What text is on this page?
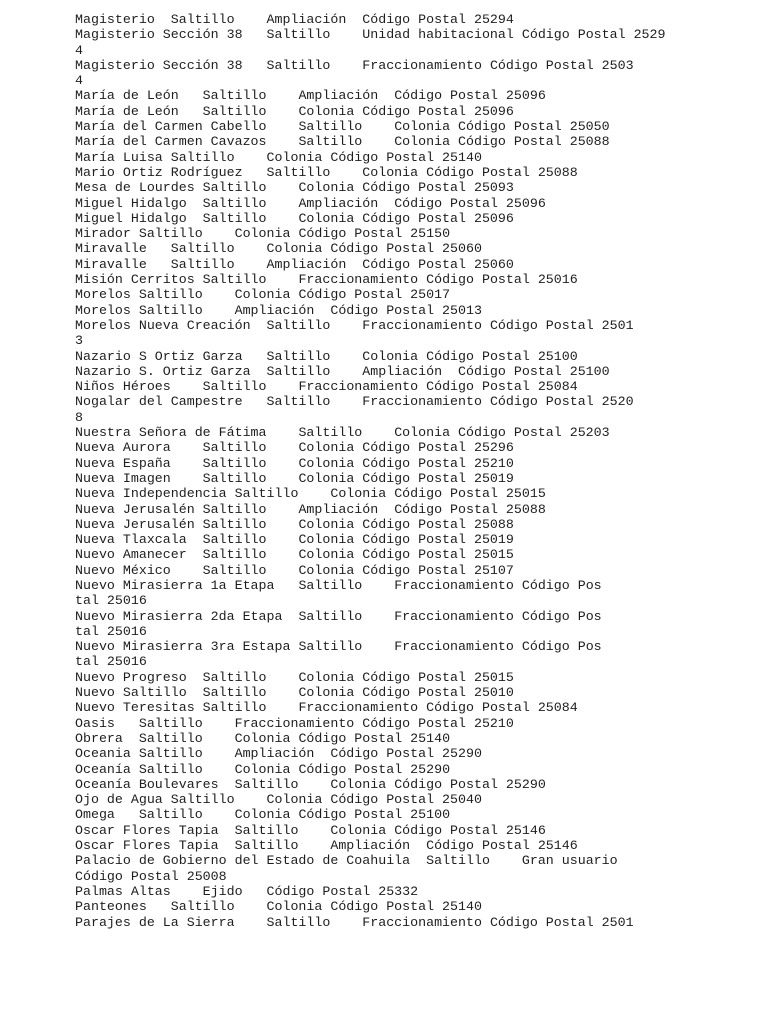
Magisterio	Saltillo	Ampliación	Código Postal 25294
Magisterio Sección 38	Saltillo	Unidad habitacional	Código Postal 2529
4
Magisterio Sección 38	Saltillo	Fraccionamiento	Código Postal 2503
4
María de León	Saltillo	Ampliación	Código Postal 25096
María de León	Saltillo	Colonia	Código Postal 25096
María del Carmen Cabello	Saltillo	Colonia	Código Postal 25050
María del Carmen Cavazos	Saltillo	Colonia	Código Postal 25088
María Luisa	Saltillo	Colonia	Código Postal 25140
Mario Ortiz Rodríguez	Saltillo	Colonia	Código Postal 25088
Mesa de Lourdes	Saltillo	Colonia	Código Postal 25093
Miguel Hidalgo	Saltillo	Ampliación	Código Postal 25096
Miguel Hidalgo	Saltillo	Colonia	Código Postal 25096
Mirador	Saltillo	Colonia	Código Postal 25150
Miravalle	Saltillo	Colonia	Código Postal 25060
Miravalle	Saltillo	Ampliación	Código Postal 25060
Misión Cerritos	Saltillo	Fraccionamiento	Código Postal 25016
Morelos	Saltillo	Colonia	Código Postal 25017
Morelos	Saltillo	Ampliación	Código Postal 25013
Morelos Nueva Creación	Saltillo	Fraccionamiento	Código Postal 2501
3
Nazario S Ortiz Garza	Saltillo	Colonia	Código Postal 25100
Nazario S. Ortiz Garza	Saltillo	Ampliación	Código Postal 25100
Niños Héroes	Saltillo	Fraccionamiento	Código Postal 25084
Nogalar del Campestre	Saltillo	Fraccionamiento	Código Postal 2520
8
Nuestra Señora de Fátima	Saltillo	Colonia	Código Postal 25203
Nueva Aurora	Saltillo	Colonia	Código Postal 25296
Nueva España	Saltillo	Colonia	Código Postal 25210
Nueva Imagen	Saltillo	Colonia	Código Postal 25019
Nueva Independencia	Saltillo	Colonia	Código Postal 25015
Nueva Jerusalén	Saltillo	Ampliación	Código Postal 25088
Nueva Jerusalén	Saltillo	Colonia	Código Postal 25088
Nueva Tlaxcala	Saltillo	Colonia	Código Postal 25019
Nuevo Amanecer	Saltillo	Colonia	Código Postal 25015
Nuevo México	Saltillo	Colonia	Código Postal 25107
Nuevo Mirasierra 1a Etapa	Saltillo	Fraccionamiento	Código Pos
tal 25016
Nuevo Mirasierra 2da Etapa	Saltillo	Fraccionamiento	Código Pos
tal 25016
Nuevo Mirasierra 3ra Estapa	Saltillo	Fraccionamiento	Código Pos
tal 25016
Nuevo Progreso	Saltillo	Colonia	Código Postal 25015
Nuevo Saltillo	Saltillo	Colonia	Código Postal 25010
Nuevo Teresitas	Saltillo	Fraccionamiento	Código Postal 25084
Oasis	Saltillo	Fraccionamiento	Código Postal 25210
Obrera	Saltillo	Colonia	Código Postal 25140
Oceania	Saltillo	Ampliación	Código Postal 25290
Oceanía	Saltillo	Colonia	Código Postal 25290
Oceanía Boulevares	Saltillo	Colonia	Código Postal 25290
Ojo de Agua	Saltillo	Colonia	Código Postal 25040
Omega	Saltillo	Colonia	Código Postal 25100
Oscar Flores Tapia	Saltillo	Colonia	Código Postal 25146
Oscar Flores Tapia	Saltillo	Ampliación	Código Postal 25146
Palacio de Gobierno del Estado de Coahuila	Saltillo	Gran usuario
Código Postal 25008
Palmas Altas	Ejido	Código Postal 25332
Panteones	Saltillo	Colonia	Código Postal 25140
Parajes de La Sierra	Saltillo	Fraccionamiento	Código Postal 2501
